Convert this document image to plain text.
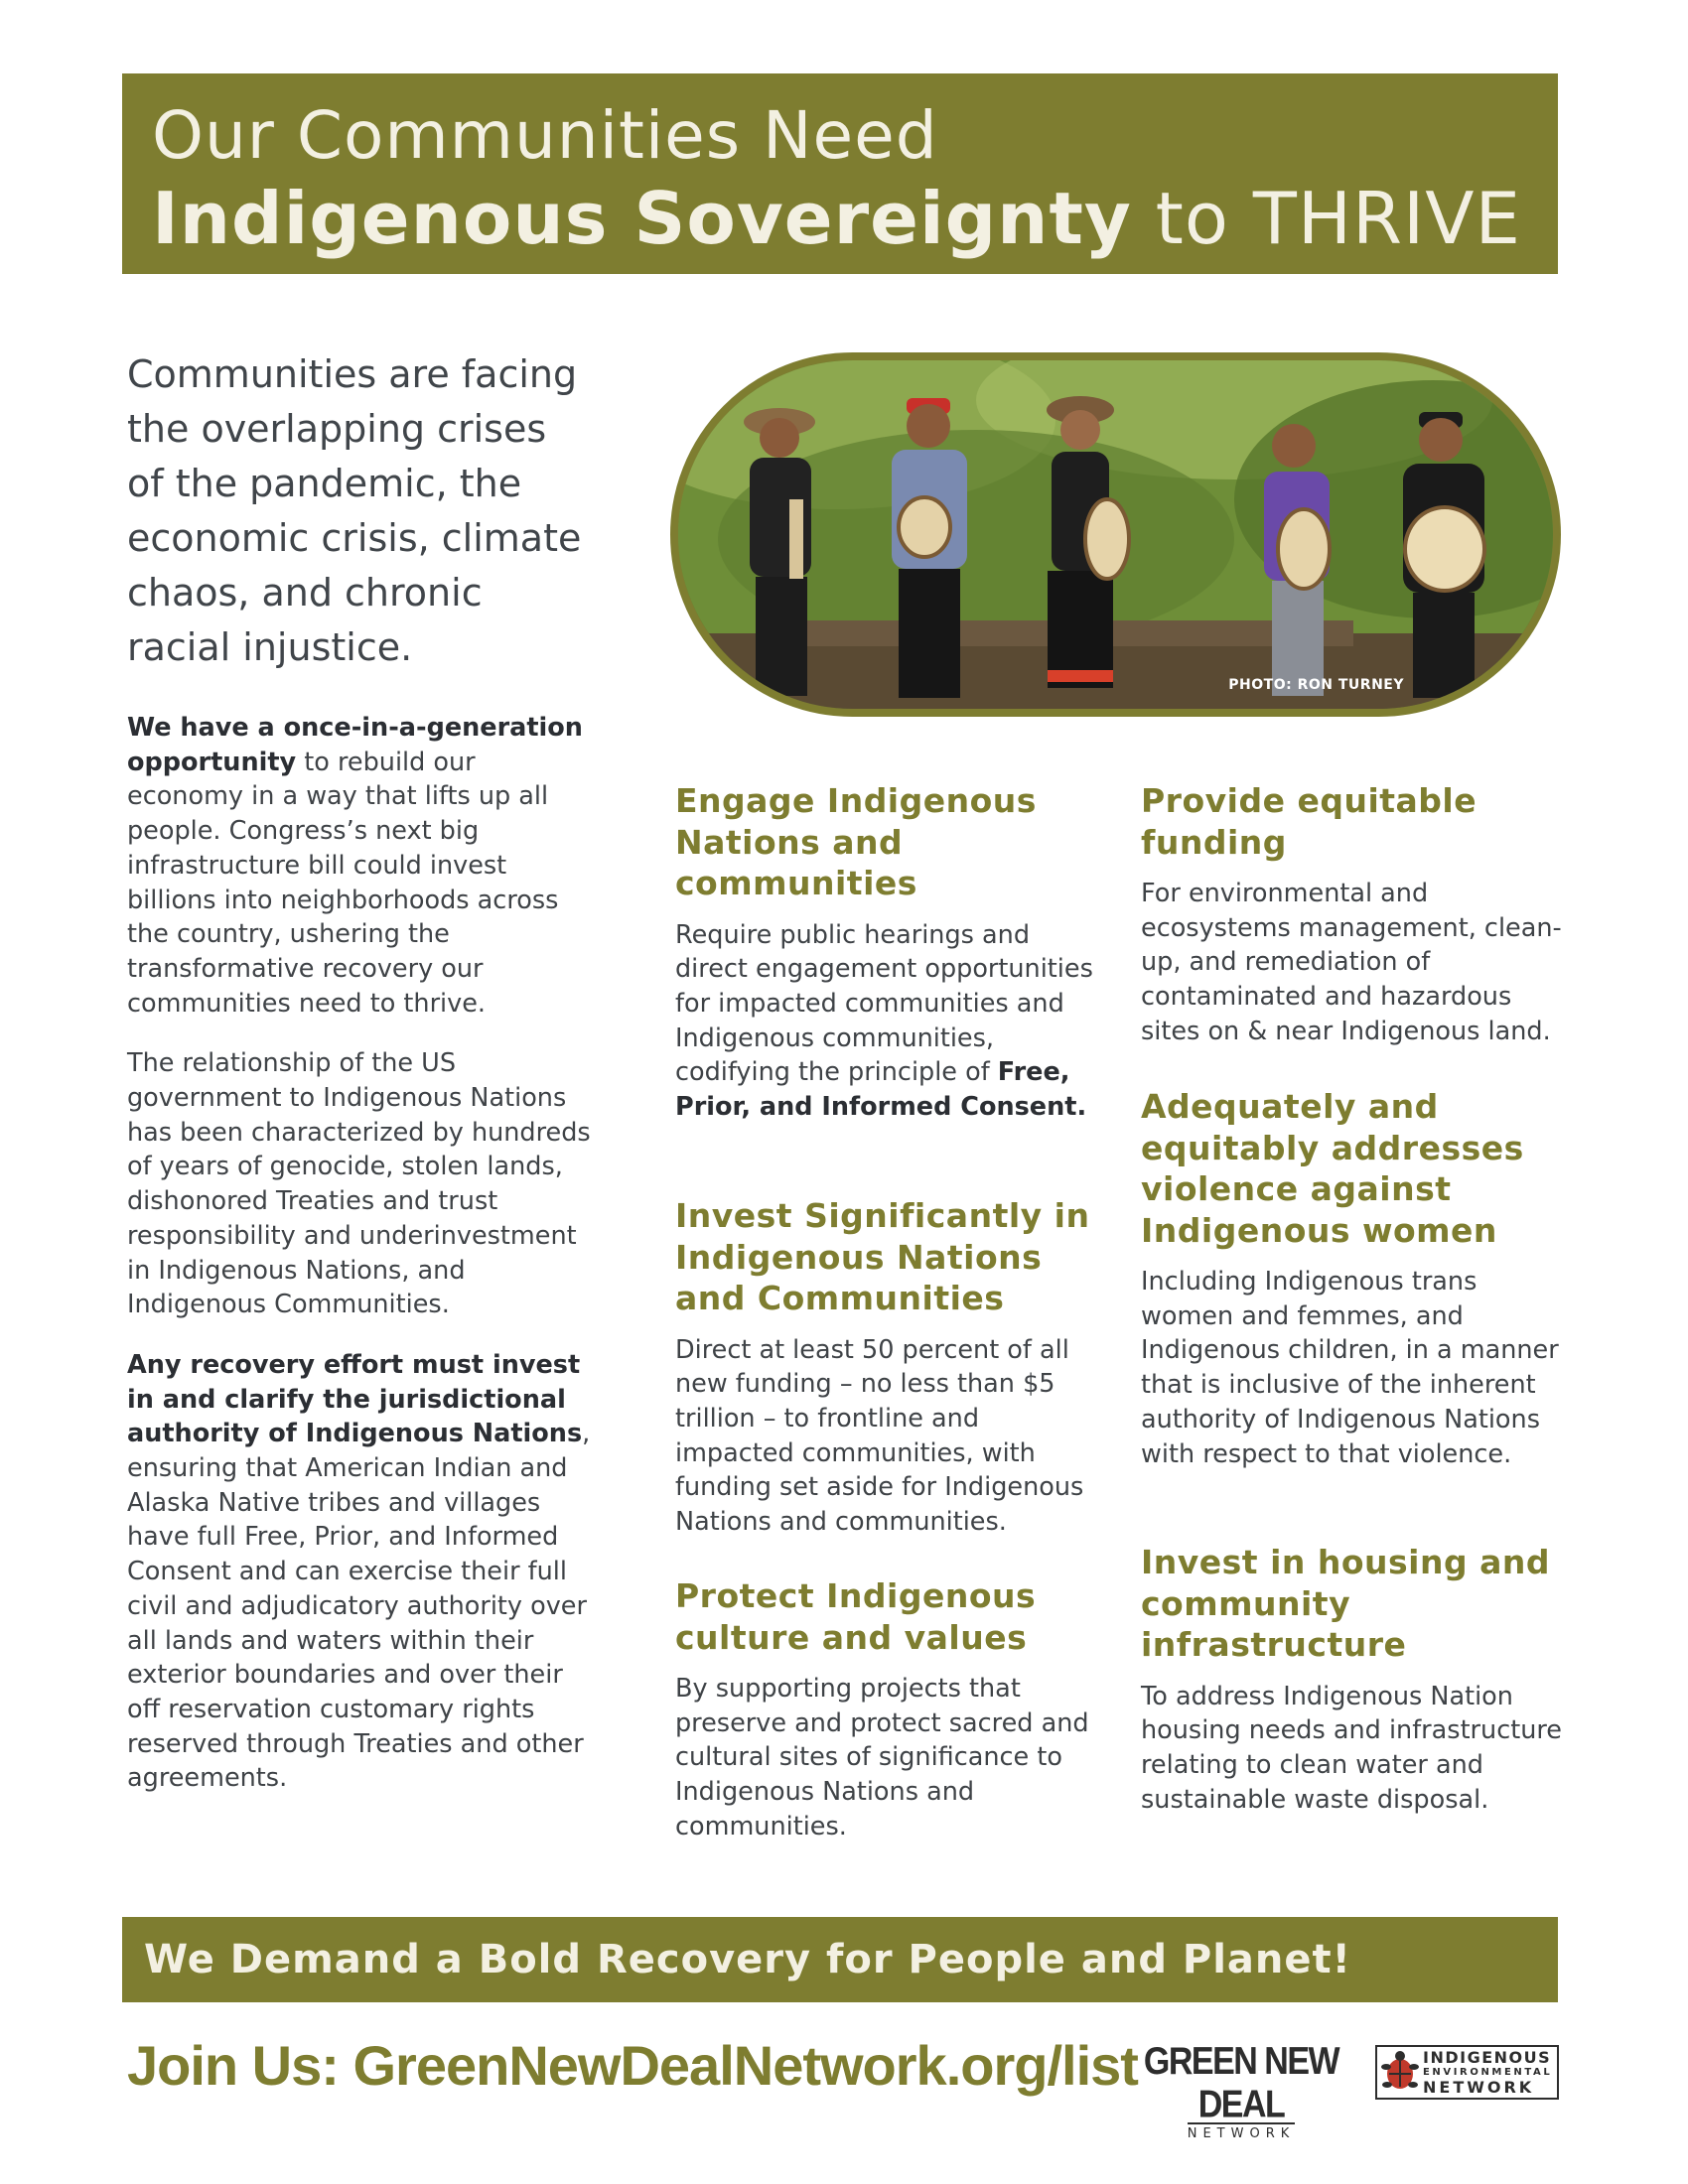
Our Communities Need
Indigenous Sovereignty to THRIVE

Communities are facing the overlapping crises of the pandemic, the economic crisis, climate chaos, and chronic racial injustice.

We have a once-in-a-generation opportunity to rebuild our economy in a way that lifts up all people. Congress’s next big infrastructure bill could invest billions into neighborhoods across the country, ushering the transformative recovery our communities need to thrive.

The relationship of the US government to Indigenous Nations has been characterized by hundreds of years of genocide, stolen lands, dishonored Treaties and trust responsibility and underinvestment in Indigenous Nations, and Indigenous Communities.

Any recovery effort must invest in and clarify the jurisdictional authority of Indigenous Nations, ensuring that American Indian and Alaska Native tribes and villages have full Free, Prior, and Informed Consent and can exercise their full civil and adjudicatory authority over all lands and waters within their exterior boundaries and over their off reservation customary rights reserved through Treaties and other agreements.

PHOTO: RON TURNEY
Engage Indigenous Nations and communities

Require public hearings and direct engagement opportunities for impacted communities and Indigenous communities, codifying the principle of Free, Prior, and Informed Consent.

Invest Significantly in Indigenous Nations and Communities

Direct at least 50 percent of all new funding – no less than $5 trillion – to frontline and impacted communities, with funding set aside for Indigenous Nations and communities.

Protect Indigenous culture and values

By supporting projects that preserve and protect sacred and cultural sites of significance to Indigenous Nations and communities.

Provide equitable funding

For environmental and ecosystems management, clean-up, and remediation of contaminated and hazardous sites on & near Indigenous land.

Adequately and equitably addresses violence against Indigenous women

Including Indigenous trans women and femmes, and Indigenous children, in a manner that is inclusive of the inherent authority of Indigenous Nations with respect to that violence.

Invest in housing and community infrastructure

To address Indigenous Nation housing needs and infrastructure relating to clean water and sustainable waste disposal.

We Demand a Bold Recovery for People and Planet!
Join Us: GreenNewDealNetwork.org/list GREEN NEW DEAL
NETWORK
INDIGENOUS
ENVIRONMENTAL
NETWORK
